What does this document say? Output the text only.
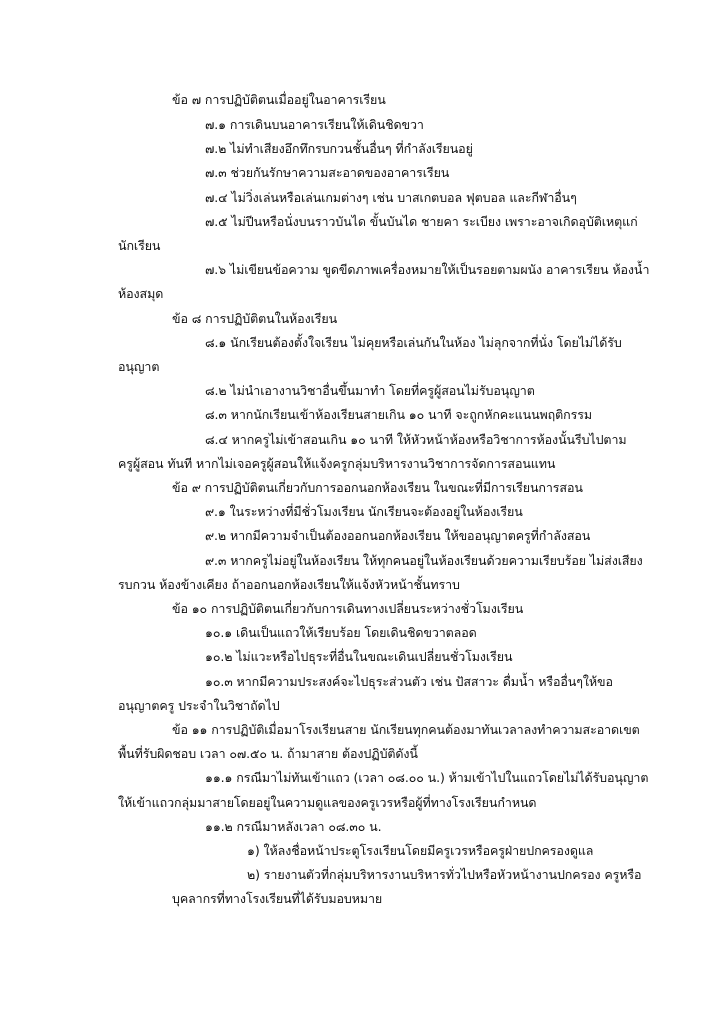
ข้อ ๗ การปฏิบัติตนเมื่ออยู่ในอาคารเรียน
๗.๑ การเดินบนอาคารเรียนให้เดินชิดขวา
๗.๒ ไม่ทำเสียงอึกทึกรบกวนชั้นอื่นๆ ที่กำลังเรียนอยู่
๗.๓ ช่วยกันรักษาความสะอาดของอาคารเรียน
๗.๔ ไม่วิ่งเล่นหรือเล่นเกมต่างๆ เช่น บาสเกตบอล ฟุตบอล และกีฬาอื่นๆ
๗.๕ ไม่ปีนหรือนั่งบนราวบันได ขั้นบันได ชายคา ระเบียง เพราะอาจเกิดอุบัติเหตุแก่
นักเรียน
๗.๖ ไม่เขียนข้อความ ขูดขีดภาพเครื่องหมายให้เป็นรอยตามผนัง อาคารเรียน ห้องน้ำ
ห้องสมุด
ข้อ ๘ การปฏิบัติตนในห้องเรียน
๘.๑ นักเรียนต้องตั้งใจเรียน ไม่คุยหรือเล่นกันในห้อง ไม่ลุกจากที่นั่ง โดยไม่ได้รับ
อนุญาต
๘.๒ ไม่นำเอางานวิชาอื่นขึ้นมาทำ โดยที่ครูผู้สอนไม่รับอนุญาต
๘.๓ หากนักเรียนเข้าห้องเรียนสายเกิน ๑๐ นาที จะถูกหักคะแนนพฤติกรรม
๘.๔ หากครูไม่เข้าสอนเกิน ๑๐ นาที ให้หัวหน้าห้องหรือวิชาการห้องนั้นรีบไปตาม
ครูผู้สอน ทันที หากไม่เจอครูผู้สอนให้แจ้งครูกลุ่มบริหารงานวิชาการจัดการสอนแทน
ข้อ ๙ การปฏิบัติตนเกี่ยวกับการออกนอกห้องเรียน ในขณะที่มีการเรียนการสอน
๙.๑ ในระหว่างที่มีชั่วโมงเรียน นักเรียนจะต้องอยู่ในห้องเรียน
๙.๒ หากมีความจำเป็นต้องออกนอกห้องเรียน ให้ขออนุญาตครูที่กำลังสอน
๙.๓ หากครูไม่อยู่ในห้องเรียน ให้ทุกคนอยู่ในห้องเรียนด้วยความเรียบร้อย ไม่ส่งเสียง
รบกวน ห้องข้างเคียง ถ้าออกนอกห้องเรียนให้แจ้งหัวหน้าชั้นทราบ
ข้อ ๑๐ การปฏิบัติตนเกี่ยวกับการเดินทางเปลี่ยนระหว่างชั่วโมงเรียน
๑๐.๑ เดินเป็นแถวให้เรียบร้อย โดยเดินชิดขวาตลอด
๑๐.๒ ไม่แวะหรือไปธุระที่อื่นในขณะเดินเปลี่ยนชั่วโมงเรียน
๑๐.๓ หากมีความประสงค์จะไปธุระส่วนตัว เช่น ปัสสาวะ ดื่มน้ำ หรืออื่นๆให้ขอ
อนุญาตครู ประจำในวิชาถัดไป
ข้อ ๑๑ การปฏิบัติเมื่อมาโรงเรียนสาย นักเรียนทุกคนต้องมาทันเวลาลงทำความสะอาดเขต
พื้นที่รับผิดชอบ เวลา ๐๗.๕๐ น. ถ้ามาสาย ต้องปฏิบัติดังนี้
๑๑.๑ กรณีมาไม่ทันเข้าแถว (เวลา ๐๘.๐๐ น.) ห้ามเข้าไปในแถวโดยไม่ได้รับอนุญาต
ให้เข้าแถวกลุ่มมาสายโดยอยู่ในความดูแลของครูเวรหรือผู้ที่ทางโรงเรียนกำหนด
๑๑.๒ กรณีมาหลังเวลา ๐๘.๓๐ น.
๑) ให้ลงชื่อหน้าประตูโรงเรียนโดยมีครูเวรหรือครูฝ่ายปกครองดูแล
๒) รายงานตัวที่กลุ่มบริหารงานบริหารทั่วไปหรือหัวหน้างานปกครอง ครูหรือ
บุคลากรที่ทางโรงเรียนที่ได้รับมอบหมาย
